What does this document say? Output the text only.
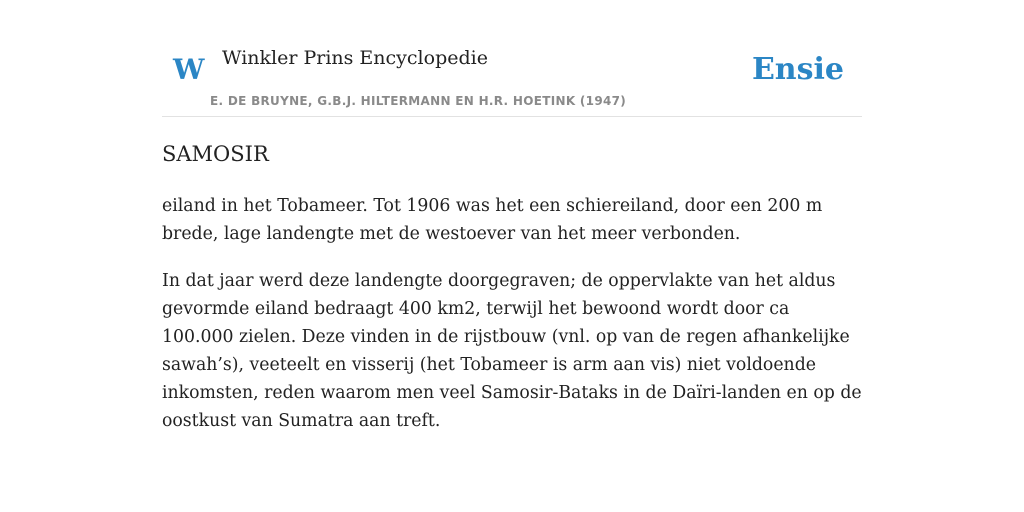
W Winkler Prins Encyclopedie
E. DE BRUYNE, G.B.J. HILTERMANN EN H.R. HOETINK (1947)
Ensie
SAMOSIR

eiland in het Tobameer. Tot 1906 was het een schiereiland, door een 200 m brede, lage landengte met de westoever van het meer verbonden.

In dat jaar werd deze landengte doorgegraven; de oppervlakte van het aldus gevormde eiland bedraagt 400 km2, terwijl het bewoond wordt door ca 100.000 zielen. Deze vinden in de rijstbouw (vnl. op van de regen afhankelijke sawah’s), veeteelt en visserij (het Tobameer is arm aan vis) niet voldoende inkomsten, reden waarom men veel Samosir-Bataks in de Daïri-landen en op de oostkust van Sumatra aan treft.
